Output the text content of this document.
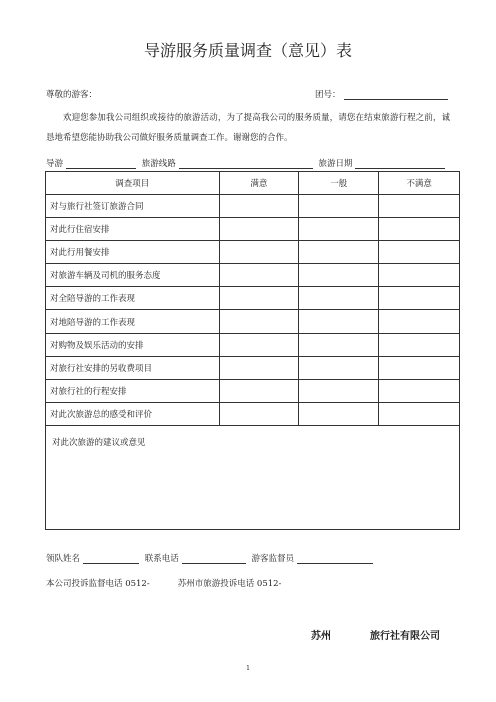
导游服务质量调查（意见）表
尊敬的游客：	团号：
欢迎您参加我公司组织或接待的旅游活动，为了提高我公司的服务质量，请您在结束旅游行程之前，诚恳地希望您能协助我公司做好服务质量调查工作。谢谢您的合作。
导游	旅游线路	旅游日期
调查项目	满意	一般	不满意
对与旅行社签订旅游合同			
对此行住宿安排			
对此行用餐安排			
对旅游车辆及司机的服务态度			
对全陪导游的工作表现			
对地陪导游的工作表现			
对购物及娱乐活动的安排			
对旅行社安排的另收费项目			
对旅行社的行程安排			
对此次旅游总的感受和评价			
对此次旅游的建议或意见			
领队姓名	联系电话	游客监督员
本公司投诉监督电话 0512-	苏州市旅游投诉电话 0512-
苏州	旅行社有限公司
1
